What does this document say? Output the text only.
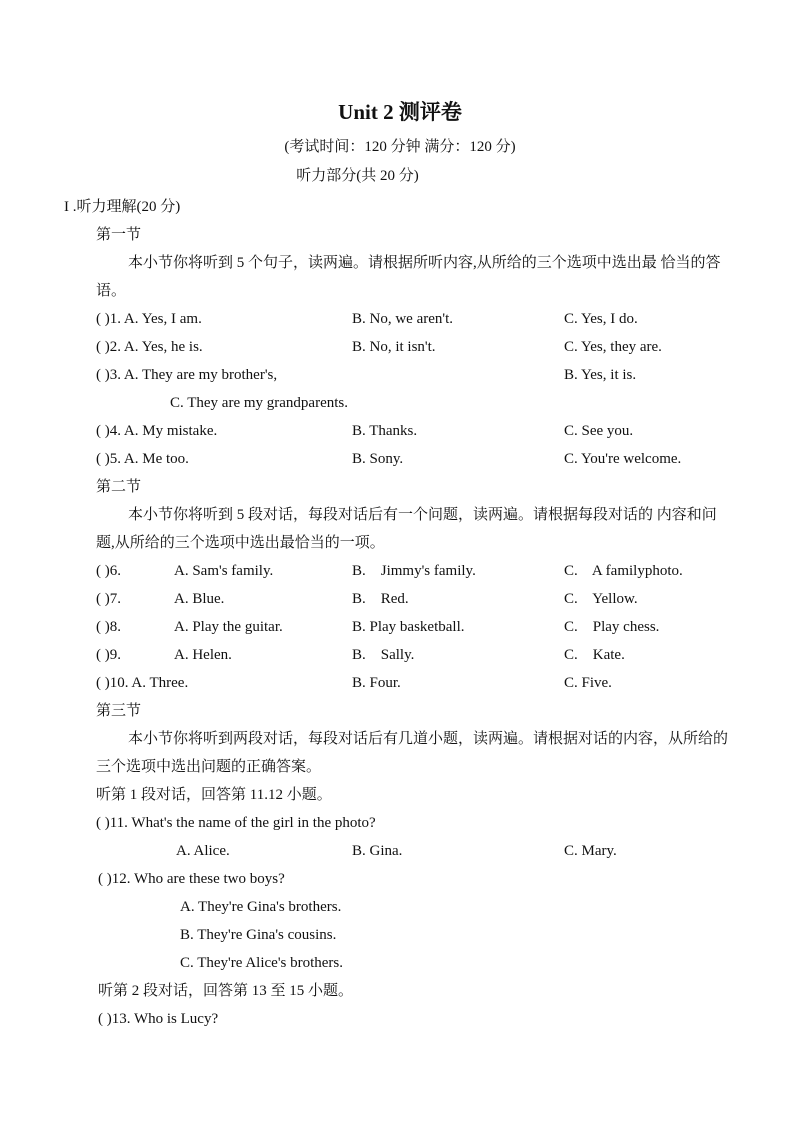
Unit 2 测评卷
(考试时间：120 分钟 满分：120 分)
听力部分(共 20 分)
I .听力理解(20 分)
第一节
本小节你将听到 5 个句子，读两遍。请根据所听内容,从所给的三个选项中选出最 恰当的答语。
( )1. A. Yes, I am.	B. No, we aren't.	C. Yes, I do.
( )2. A. Yes, he is.	B. No, it isn't.	C. Yes, they are.
( )3. A. They are my brother's,	B. Yes, it is.
C. They are my grandparents.
( )4. A. My mistake.	B. Thanks.	C. See you.
( )5. A. Me too.	B. Sony.	C. You're welcome.
第二节
本小节你将听到 5 段对话，每段对话后有一个问题，读两遍。请根据每段对话的 内容和问题,从所给的三个选项中选出最恰当的一项。
( )6.	A. Sam's family.	B.    Jimmy's family.	C.    A familyphoto.
( )7.	A. Blue.	B.    Red.	C.    Yellow.
( )8.	A. Play the guitar.	B. Play basketball.	C.    Play chess.
( )9.	A. Helen.	B.    Sally.	C.    Kate.
( )10. A. Three.	B. Four.	C. Five.
第三节
本小节你将听到两段对话，每段对话后有几道小题，读两遍。请根据对话的内容，从所给的三个选项中选出问题的正确答案。
听第 1 段对话，回答第 11.12 小题。
( )11. What's the name of the girl in the photo?
A. Alice.	B. Gina.	C. Mary.
( )12. Who are these two boys?
A. They're Gina's brothers.
B. They're Gina's cousins.
C. They're Alice's brothers.
听第 2 段对话，回答第 13 至 15 小题。
( )13. Who is Lucy?
